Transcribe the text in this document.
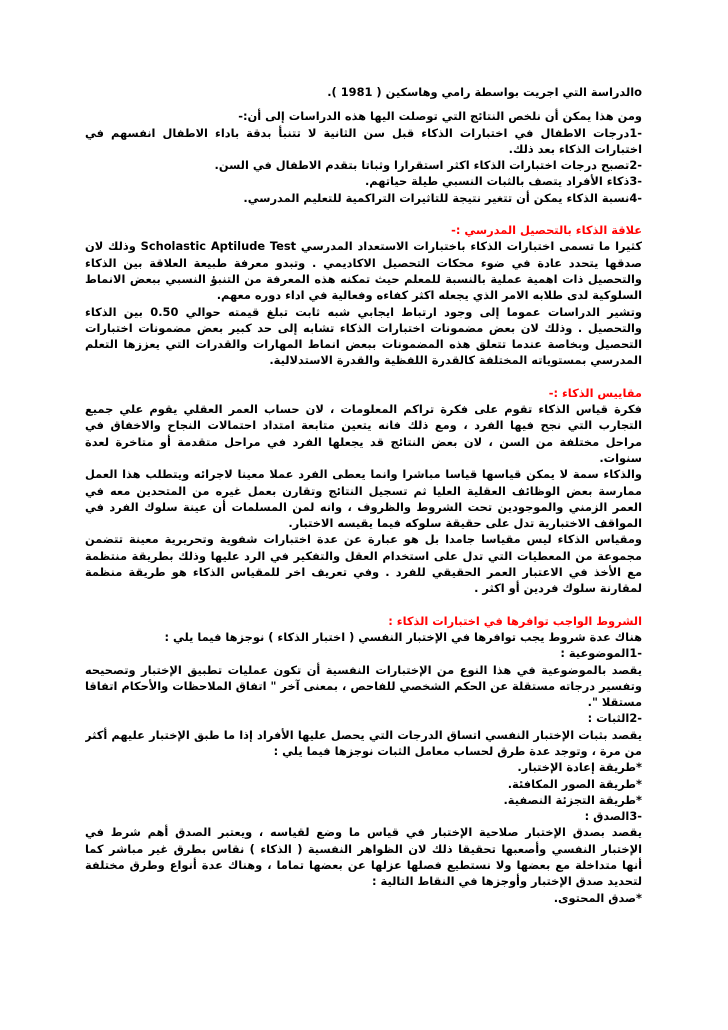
oالدراسة التي اجريت بواسطة رامي وهاسكين ( 1981 ).

ومن هذا يمكن أن نلخص النتائج التي توصلت اليها هذه الدراسات إلى أن:-

-1درجات الاطفال في اختبارات الذكاء قبل سن الثانية لا تتنبأ بدقة باداء الاطفال انفسهم في اختبارات الذكاء بعد ذلك.

-2تصبح درجات اختبارات الذكاء اكثر استقرارا وثباتا بتقدم الاطفال في السن.

-3ذكاء الأفراد يتصف بالثبات النسبي طيلة حياتهم.

-4نسبة الذكاء يمكن أن تتغير نتيجة للتاثيرات التراكمية للتعليم المدرسي.

علاقة الذكاء بالتحصيل المدرسي :-

كثيرا ما تسمى اختبارات الذكاء باختبارات الاستعداد المدرسي Scholastic Aptilude Test وذلك لان صدقها يتحدد عادة في ضوء محكات التحصيل الاكاديمي . وتبدو معرفة طبيعة العلاقة بين الذكاء والتحصيل ذات اهمية عملية بالنسبة للمعلم حيث تمكنه هذه المعرفة من التنبؤ النسبي ببعض الانماط السلوكية لدى طلابه الامر الذي يجعله اكثر كفاءه وفعالية في اداء دوره معهم.

وتشير الدراسات عموما إلى وجود ارتباط ايجابي شبه ثابت تبلغ قيمته حوالي 0.50 بين الذكاء والتحصيل . وذلك لان بعض مضمونات اختبارات الذكاء تشابه إلى حد كبير بعض مضمونات اختبارات التحصيل وبخاصة عندما تتعلق هذه المضمونات ببعض انماط المهارات والقدرات التي يعززها التعلم المدرسي بمستوياته المختلفة كالقدرة اللفظية والقدرة الاستدلالية.

مقاييس الذكاء :-

فكرة قياس الذكاء تقوم على فكرة تراكم المعلومات ، لان حساب العمر العقلي يقوم علي جميع التجارب التي نجح فيها الفرد ، ومع ذلك فانه يتعين متابعة امتداد احتمالات النجاح والاخفاق في مراحل مختلفة من السن ، لان بعض النتائج قد يجعلها الفرد في مراحل متقدمة أو متاخرة لعدة سنوات.

والذكاء سمة لا يمكن قياسها قياسا مباشرا وانما يعطى الفرد عملا معينا لاجرائه ويتطلب هذا العمل ممارسة بعض الوظائف العقلية العليا ثم تسجيل النتائج وتقارن بعمل غيره من المتحدين معه في العمر الزمني والموجودين تحت الشروط والظروف ، وانه لمن المسلمات أن عينة سلوك الفرد في المواقف الاختبارية تدل على حقيقة سلوكه فيما يقيسه الاختبار.

ومقياس الذكاء ليس مقياسا جامدا بل هو عبارة عن عدة اختبارات شفوية وتحريرية معينة تتضمن مجموعة من المعطيات التي تدل على استخدام العقل والتفكير في الرد عليها وذلك بطريقة منتظمة مع الأخذ في الاعتبار العمر الحقيقي للفرد . وفي تعريف اخر للمقياس الذكاء هو طريقة منظمة لمقارنة سلوك فردين أو اكثر .

الشروط الواجب توافرها في اختبارات الذكاء :

هناك عدة شروط يجب توافرها في الإختبار النفسي ( اختبار الذكاء ) نوجزها فيما يلي :

-1الموضوعية :

يقصد بالموضوعية في هذا النوع من الإختبارات النفسية أن تكون عمليات تطبيق الإختبار وتصحيحه وتفسير درجاته مستقلة عن الحكم الشخصي للفاحص ، بمعنى آخر " اتفاق الملاحظات والأحكام اتفاقا مستقلا ".

-2الثبات :

يقصد بثبات الإختبار النفسي اتساق الدرجات التي يحصل عليها الأفراد إذا ما طبق الإختبار عليهم أكثر من مرة ، وتوجد عدة طرق لحساب معامل الثبات نوجزها فيما يلي :

*طريقة إعادة الإختبار.

*طريقة الصور المكافئة.

*طريقة التجزئة النصفية.

-3الصدق :

يقصد بصدق الإختبار صلاحية الإختبار في قياس ما وضع لقياسه ، ويعتبر الصدق أهم شرط في الإختبار النفسي وأصعبها تحقيقا ذلك لان الظواهر النفسية ( الذكاء ) نقاس بطرق غير مباشر كما أنها متداخلة مع بعضها ولا نستطيع فصلها عزلها عن بعضها تماما ، وهناك عدة أنواع وطرق مختلفة لتحديد صدق الإختبار وأوجزها في النقاط التالية :

*صدق المحتوى.
